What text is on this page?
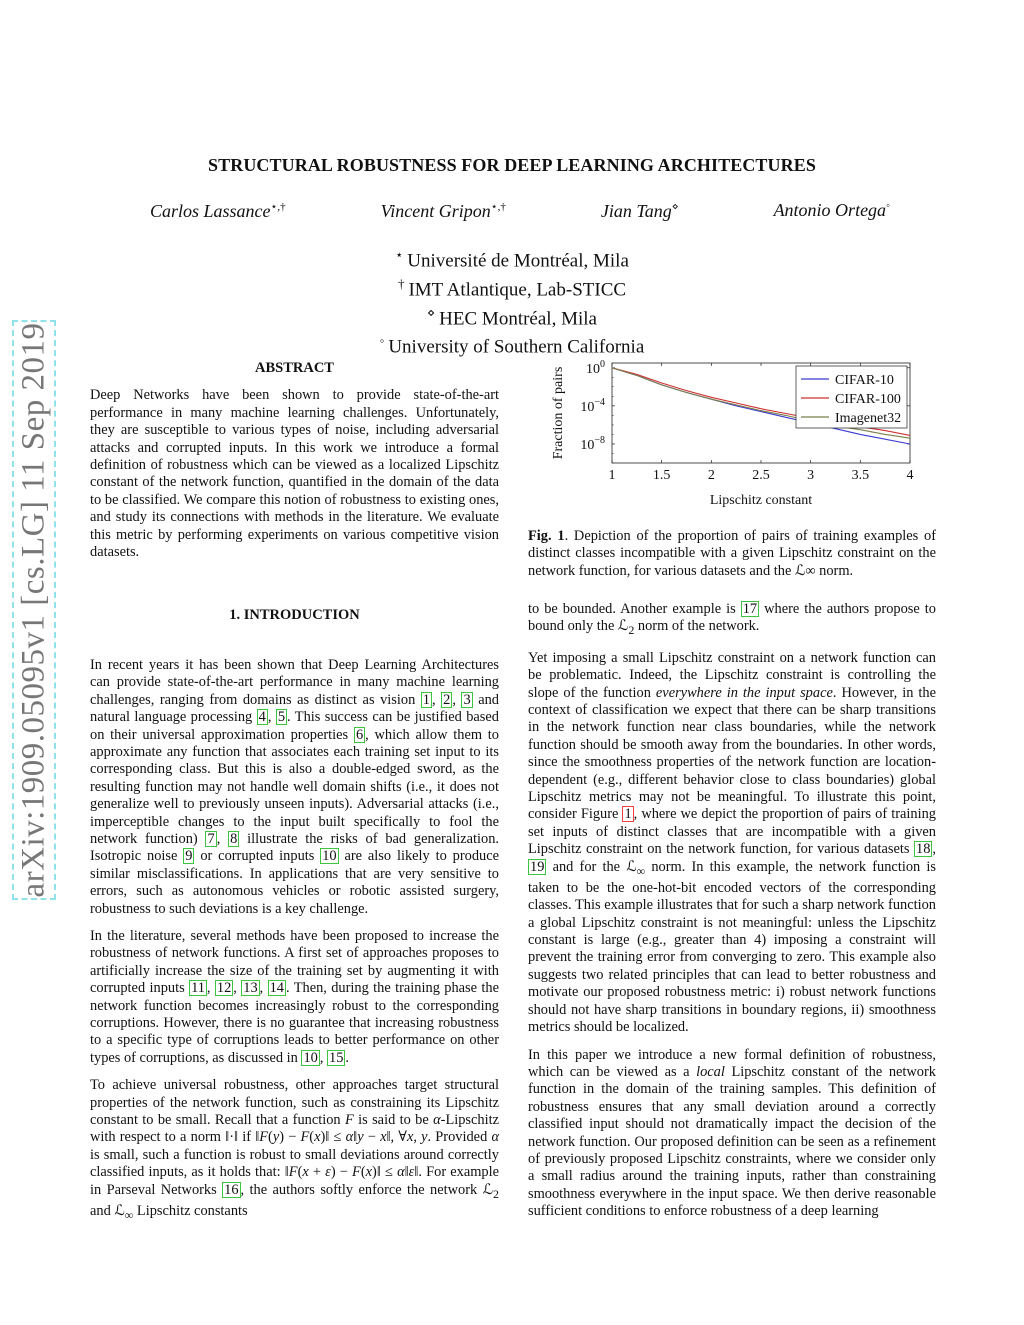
STRUCTURAL ROBUSTNESS FOR DEEP LEARNING ARCHITECTURES
Carlos Lassance⋆,†	Vincent Gripon⋆,†	Jian Tang⋄	Antonio Ortega◦
⋆ Université de Montréal, Mila
† IMT Atlantique, Lab-STICC
⋄ HEC Montréal, Mila
◦ University of Southern California
arXiv:1909.05095v1 [cs.LG] 11 Sep 2019	ABSTRACT

Deep Networks have been shown to provide state-of-the-art performance in many machine learning challenges. Unfortunately, they are susceptible to various types of noise, including adversarial attacks and corrupted inputs. In this work we introduce a formal definition of robustness which can be viewed as a localized Lipschitz constant of the network function, quantified in the domain of the data to be classified. We compare this notion of robustness to existing ones, and study its connections with methods in the literature. We evaluate this metric by performing experiments on various competitive vision datasets.

1. INTRODUCTION

In recent years it has been shown that Deep Learning Architectures can provide state-of-the-art performance in many machine learning challenges, ranging from domains as distinct as vision 1 , 2 , 3 and natural language processing 4 , 5 . This success can be justified based on their universal approximation properties 6 , which allow them to approximate any function that associates each training set input to its corresponding class. But this is also a double-edged sword, as the resulting function may not handle well domain shifts (i.e., it does not generalize well to previously unseen inputs). Adversarial attacks (i.e., imperceptible changes to the input built specifically to fool the network function) 7 , 8 illustrate the risks of bad generalization. Isotropic noise 9 or corrupted inputs 10 are also likely to produce similar misclassifications. In applications that are very sensitive to errors, such as autonomous vehicles or robotic assisted surgery, robustness to such deviations is a key challenge.

In the literature, several methods have been proposed to increase the robustness of network functions. A first set of approaches proposes to artificially increase the size of the training set by augmenting it with corrupted inputs 11 , 12 , 13 , 14 . Then, during the training phase the network function becomes increasingly robust to the corresponding corruptions. However, there is no guarantee that increasing robustness to a specific type of corruptions leads to better performance on other types of corruptions, as discussed in 10 , 15 .

To achieve universal robustness, other approaches target structural properties of the network function, such as constraining its Lipschitz constant to be small. Recall that a function F is said to be α-Lipschitz with respect to a norm ‖·‖ if ‖F(y) − F(x)‖ ≤ α‖y − x‖, ∀x, y. Provided α is small, such a function is robust to small deviations around correctly classified inputs, as it holds that: ‖F(x + ε) − F(x)‖ ≤ α‖ε‖. For example in Parseval Networks 16 , the authors softly enforce the network ℒ$_2$ and ℒ$_\infty$ Lipschitz constants

1	1.5	2	2.5	3	3.5	4
$10^0$
$10^{-4}$
$10^{-8}$
Lipschitz constant
Fraction of pairs	CIFAR-10
CIFAR-100
Imagenet32

Fig. 1. Depiction of the proportion of pairs of training examples of distinct classes incompatible with a given Lipschitz constraint on the network function, for various datasets and the ℒ∞ norm.

to be bounded. Another example is 17 where the authors propose to bound only the ℒ$_2$ norm of the network.

Yet imposing a small Lipschitz constraint on a network function can be problematic. Indeed, the Lipschitz constraint is controlling the slope of the function everywhere in the input space. However, in the context of classification we expect that there can be sharp transitions in the network function near class boundaries, while the network function should be smooth away from the boundaries. In other words, since the smoothness properties of the network function are location-dependent (e.g., different behavior close to class boundaries) global Lipschitz metrics may not be meaningful. To illustrate this point, consider Figure 1 , where we depict the proportion of pairs of training set inputs of distinct classes that are incompatible with a given Lipschitz constraint on the network function, for various datasets 18 , 19 and for the ℒ$_\infty$ norm. In this example, the network function is taken to be the one-hot-bit encoded vectors of the corresponding classes. This example illustrates that for such a sharp network function a global Lipschitz constraint is not meaningful: unless the Lipschitz constant is large (e.g., greater than 4) imposing a constraint will prevent the training error from converging to zero. This example also suggests two related principles that can lead to better robustness and motivate our proposed robustness metric: i) robust network functions should not have sharp transitions in boundary regions, ii) smoothness metrics should be localized.

In this paper we introduce a new formal definition of robustness, which can be viewed as a local Lipschitz constant of the network function in the domain of the training samples. This definition of robustness ensures that any small deviation around a correctly classified input should not dramatically impact the decision of the network function. Our proposed definition can be seen as a refinement of previously proposed Lipschitz constraints, where we consider only a small radius around the training inputs, rather than constraining smoothness everywhere in the input space. We then derive reasonable sufficient conditions to enforce robustness of a deep learning
